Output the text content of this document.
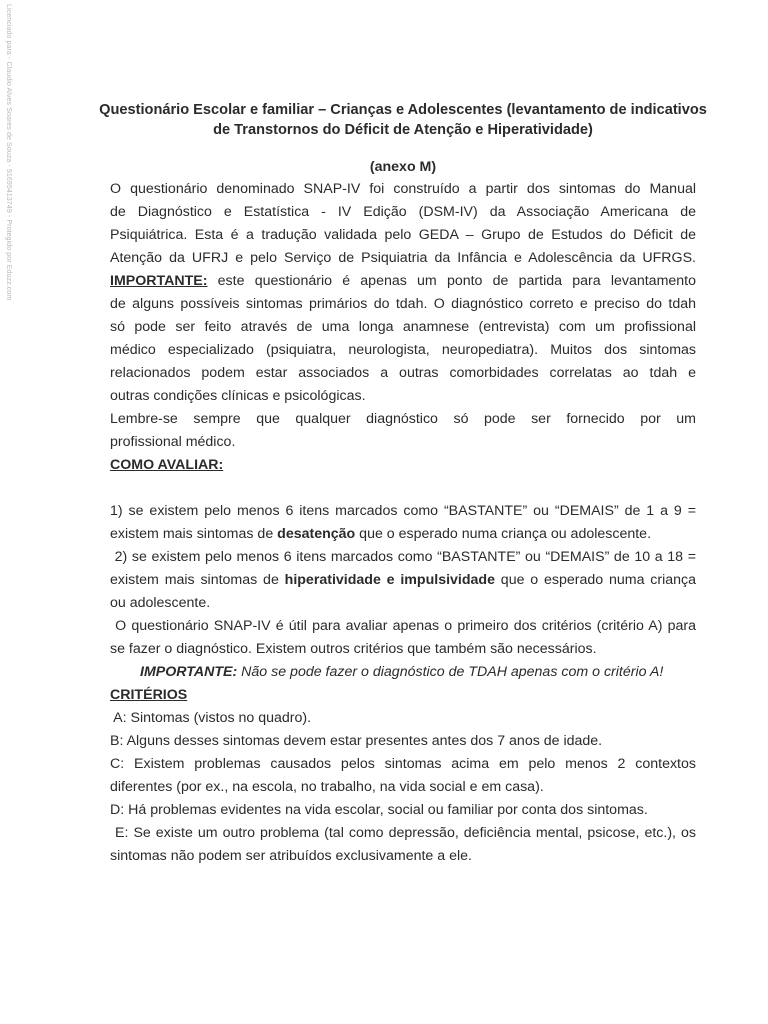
Licenciado para - Claudio Alves Soares de Souza - 91695413749 - Protegido por Eduzz.com	Questionário Escolar e familiar – Crianças e Adolescentes (levantamento de indicativos de Transtornos do Déficit de Atenção e Hiperatividade)
(anexo M)
O questionário denominado SNAP-IV foi construído a partir dos sintomas do Manual
de Diagnóstico e Estatística - IV Edição (DSM-IV) da Associação Americana de
Psiquiátrica. Esta é a tradução validada pelo GEDA – Grupo de Estudos do Déficit de
Atenção da UFRJ e pelo Serviço de Psiquiatria da Infância e Adolescência da UFRGS.
IMPORTANTE: este questionário é apenas um ponto de partida para levantamento
de alguns possíveis sintomas primários do tdah. O diagnóstico correto e preciso do tdah
só pode ser feito através de uma longa anamnese (entrevista) com um profissional
médico especializado (psiquiatra, neurologista, neuropediatra). Muitos dos sintomas
relacionados podem estar associados a outras comorbidades correlatas ao tdah e
outras condições clínicas e psicológicas.
Lembre-se sempre que qualquer diagnóstico só pode ser fornecido por um
profissional médico.
COMO AVALIAR:
1) se existem pelo menos 6 itens marcados como “BASTANTE” ou “DEMAIS” de 1 a 9 =
existem mais sintomas de desatenção que o esperado numa criança ou adolescente.
2) se existem pelo menos 6 itens marcados como “BASTANTE” ou “DEMAIS” de 10 a 18 =
existem mais sintomas de hiperatividade e impulsividade que o esperado numa criança
ou adolescente.
O questionário SNAP-IV é útil para avaliar apenas o primeiro dos critérios (critério A) para
se fazer o diagnóstico. Existem outros critérios que também são necessários.
IMPORTANTE: Não se pode fazer o diagnóstico de TDAH apenas com o critério A!
CRITÉRIOS
A: Sintomas (vistos no quadro).
B: Alguns desses sintomas devem estar presentes antes dos 7 anos de idade.
C: Existem problemas causados pelos sintomas acima em pelo menos 2 contextos
diferentes (por ex., na escola, no trabalho, na vida social e em casa).
D: Há problemas evidentes na vida escolar, social ou familiar por conta dos sintomas.
E: Se existe um outro problema (tal como depressão, deficiência mental, psicose, etc.), os
sintomas não podem ser atribuídos exclusivamente a ele.
